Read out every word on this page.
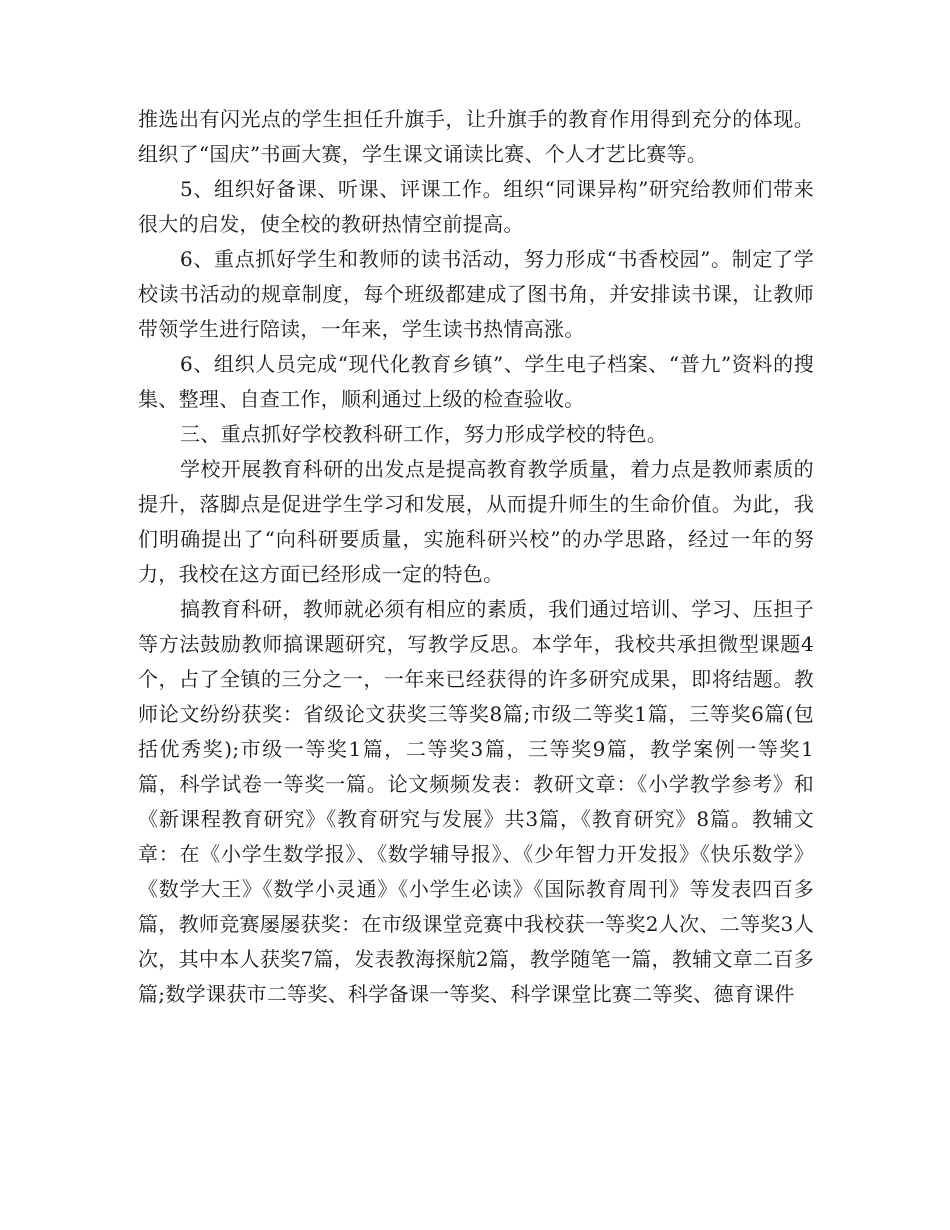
推选出有闪光点的学生担任升旗手，让升旗手的教育作用得到充分的体现。组织了“国庆”书画大赛，学生课文诵读比赛、个人才艺比赛等。

5、组织好备课、听课、评课工作。组织“同课异构”研究给教师们带来很大的启发，使全校的教研热情空前提高。

6、重点抓好学生和教师的读书活动，努力形成“书香校园”。制定了学校读书活动的规章制度，每个班级都建成了图书角，并安排读书课，让教师带领学生进行陪读，一年来，学生读书热情高涨。

6、组织人员完成“现代化教育乡镇”、学生电子档案、“普九”资料的搜集、整理、自查工作，顺利通过上级的检查验收。

三、重点抓好学校教科研工作，努力形成学校的特色。

学校开展教育科研的出发点是提高教育教学质量，着力点是教师素质的提升，落脚点是促进学生学习和发展，从而提升师生的生命价值。为此，我们明确提出了“向科研要质量，实施科研兴校”的办学思路，经过一年的努力，我校在这方面已经形成一定的特色。

搞教育科研，教师就必须有相应的素质，我们通过培训、学习、压担子等方法鼓励教师搞课题研究，写教学反思。本学年，我校共承担微型课题4个，占了全镇的三分之一，一年来已经获得的许多研究成果，即将结题。教师论文纷纷获奖：省级论文获奖三等奖8篇;市级二等奖1篇，三等奖6篇(包括优秀奖);市级一等奖1篇，二等奖3篇，三等奖9篇，教学案例一等奖1篇，科学试卷一等奖一篇。论文频频发表：教研文章：《小学教学参考》和《新课程教育研究》《教育研究与发展》共3篇，《教育研究》8篇。教辅文章：在《小学生数学报》、《数学辅导报》、《少年智力开发报》《快乐数学》《数学大王》《数学小灵通》《小学生必读》《国际教育周刊》等发表四百多篇，教师竞赛屡屡获奖：在市级课堂竞赛中我校获一等奖2人次、二等奖3人次，其中本人获奖7篇，发表教海探航2篇，教学随笔一篇，教辅文章二百多篇;数学课获市二等奖、科学备课一等奖、科学课堂比赛二等奖、德育课件
